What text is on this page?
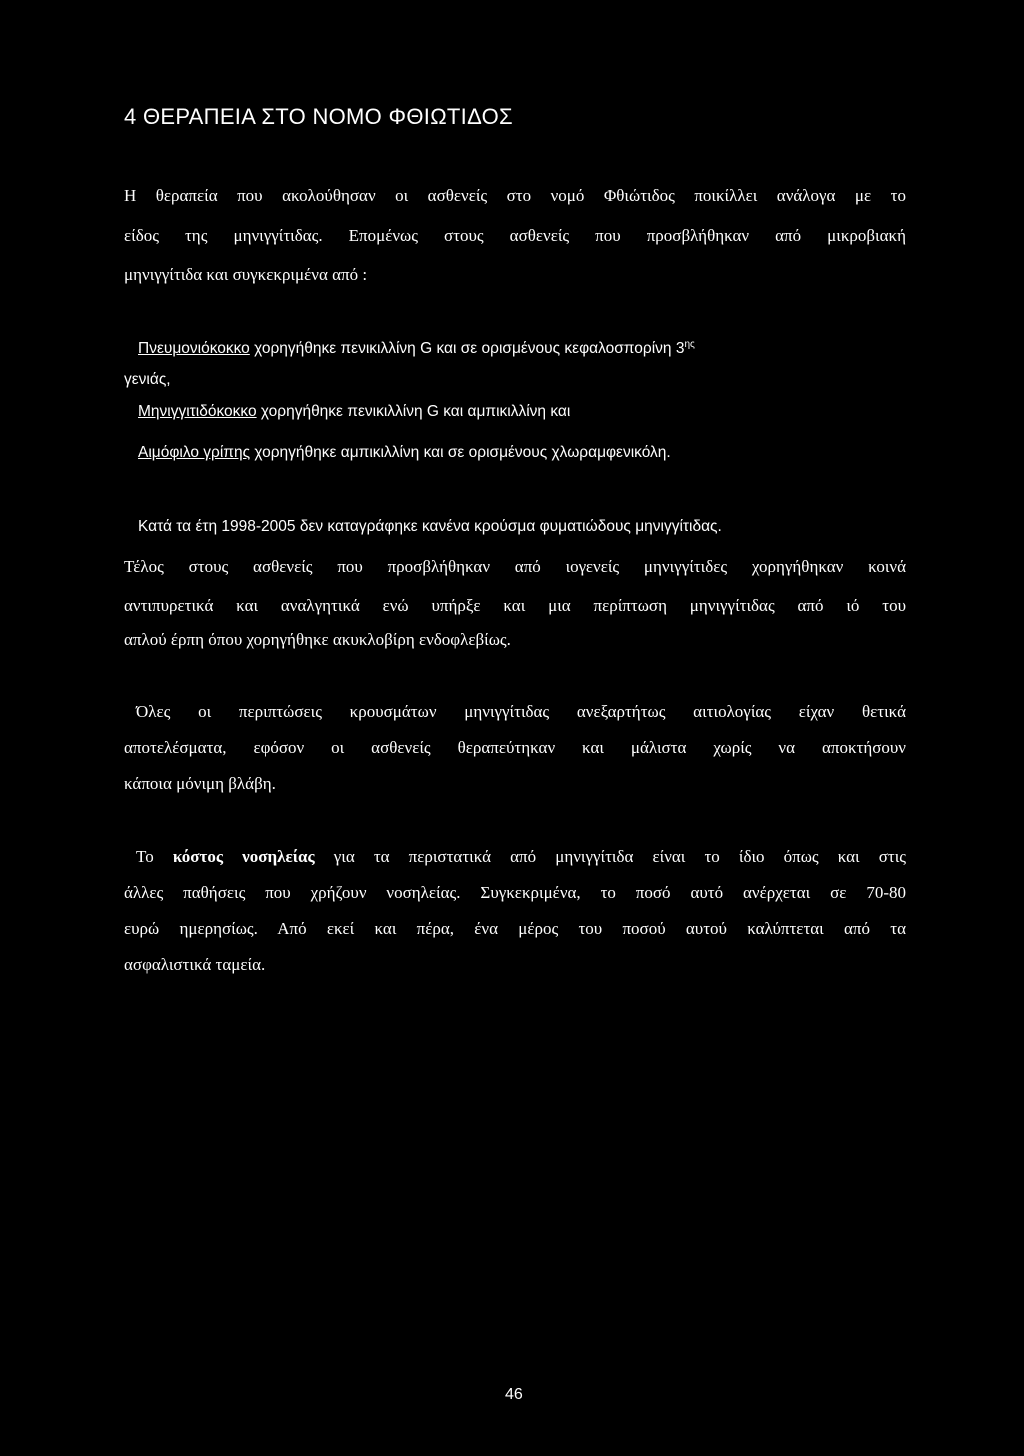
4 ΘΕΡΑΠΕΙΑ ΣΤΟ ΝΟΜΟ ΦΘΙΩΤΙΔΟΣ
Η θεραπεία που ακολούθησαν οι ασθενείς στο νομό Φθιώτιδος ποικίλλει ανάλογα με το
είδος της μηνιγγίτιδας. Επομένως στους ασθενείς που προσβλήθηκαν από μικροβιακή
μηνιγγίτιδα και συγκεκριμένα από :
Πνευμονιόκοκκο χορηγήθηκε πενικιλλίνη G και σε ορισμένους κεφαλοσπορίνη $3^{\eta\varsigma}$
γενιάς,
Μηνιγγιτιδόκοκκο χορηγήθηκε πενικιλλίνη G και αμπικιλλίνη και
Αιμόφιλο γρίπης χορηγήθηκε αμπικιλλίνη και σε ορισμένους χλωραμφενικόλη.
Κατά τα έτη 1998-2005 δεν καταγράφηκε κανένα κρούσμα φυματιώδους μηνιγγίτιδας.
Τέλος στους ασθενείς που προσβλήθηκαν από ιογενείς μηνιγγίτιδες χορηγήθηκαν κοινά
αντιπυρετικά και αναλγητικά ενώ υπήρξε και μια περίπτωση μηνιγγίτιδας από ιό του
απλού έρπη όπου χορηγήθηκε ακυκλοβίρη ενδοφλεβίως.
Όλες οι περιπτώσεις κρουσμάτων μηνιγγίτιδας ανεξαρτήτως αιτιολογίας είχαν θετικά
αποτελέσματα, εφόσον οι ασθενείς θεραπεύτηκαν και μάλιστα χωρίς να αποκτήσουν
κάποια μόνιμη βλάβη.
Το κόστος νοσηλείας για τα περιστατικά από μηνιγγίτιδα είναι το ίδιο όπως και στις
άλλες παθήσεις που χρήζουν νοσηλείας. Συγκεκριμένα, το ποσό αυτό ανέρχεται σε 70-80
ευρώ ημερησίως. Από εκεί και πέρα, ένα μέρος του ποσού αυτού καλύπτεται από τα
ασφαλιστικά ταμεία.
46
